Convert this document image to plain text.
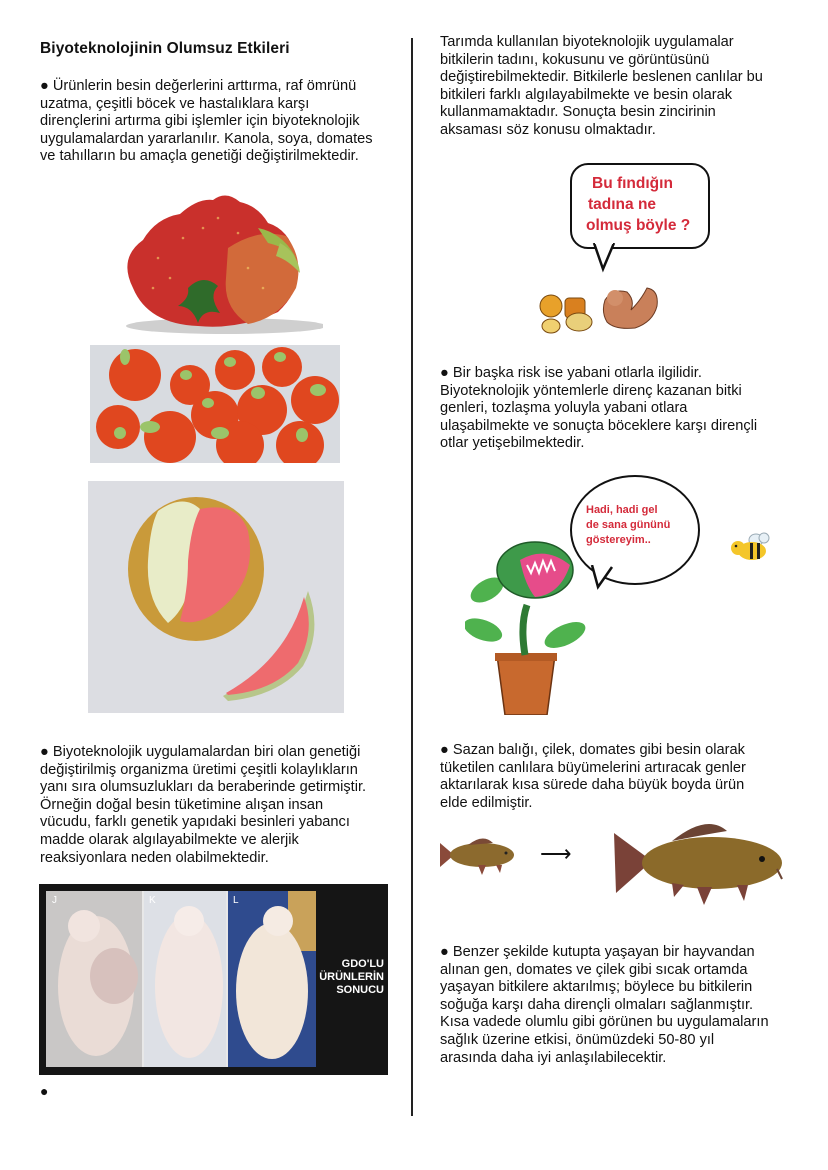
Biyoteknolojinin Olumsuz Etkileri
● Ürünlerin besin değerlerini arttırma, raf ömrünü
uzatma, çeşitli böcek ve hastalıklara karşı
dirençlerini artırma gibi işlemler için biyoteknolojik
uygulamalardan yararlanılır. Kanola, soya, domates
ve tahılların bu amaçla genetiği değiştirilmektedir.
● Biyoteknolojik uygulamalardan biri olan genetiği
değiştirilmiş organizma üretimi çeşitli kolaylıkların
yanı sıra olumsuzlukları da beraberinde getirmiştir.
Örneğin doğal besin tüketimine alışan insan
vücudu, farklı genetik yapıdaki besinleri yabancı
madde olarak algılayabilmekte ve alerjik
reaksiyonlara neden olabilmektedir.
J	K	L
GDO'LU
ÜRÜNLERİN
SONUCU
●
Tarımda kullanılan biyoteknolojik uygulamalar
bitkilerin tadını, kokusunu ve görüntüsünü
değiştirebilmektedir. Bitkilerle beslenen canlılar bu
bitkileri farklı algılayabilmekte ve besin olarak
kullanmamaktadır. Sonuçta besin zincirinin
aksaması söz konusu olmaktadır.
Bu fındığın
tadına ne
olmuş böyle ?
● Bir başka risk ise yabani otlarla ilgilidir.
Biyoteknolojik yöntemlerle direnç kazanan bitki
genleri, tozlaşma yoluyla yabani otlara
ulaşabilmekte ve sonuçta böceklere karşı dirençli
otlar yetişebilmektedir.
Hadi, hadi gel
de sana gününü
göstereyim..
● Sazan balığı, çilek, domates gibi besin olarak
tüketilen canlılara büyümelerini artıracak genler
aktarılarak kısa sürede daha büyük boyda ürün
elde edilmiştir.
⟶
● Benzer şekilde kutupta yaşayan bir hayvandan
alınan gen, domates ve çilek gibi sıcak ortamda
yaşayan bitkilere aktarılmış; böylece bu bitkilerin
soğuğa karşı daha dirençli olmaları sağlanmıştır.
Kısa vadede olumlu gibi görünen bu uygulamaların
sağlık üzerine etkisi, önümüzdeki 50-80 yıl
arasında daha iyi anlaşılabilecektir.
